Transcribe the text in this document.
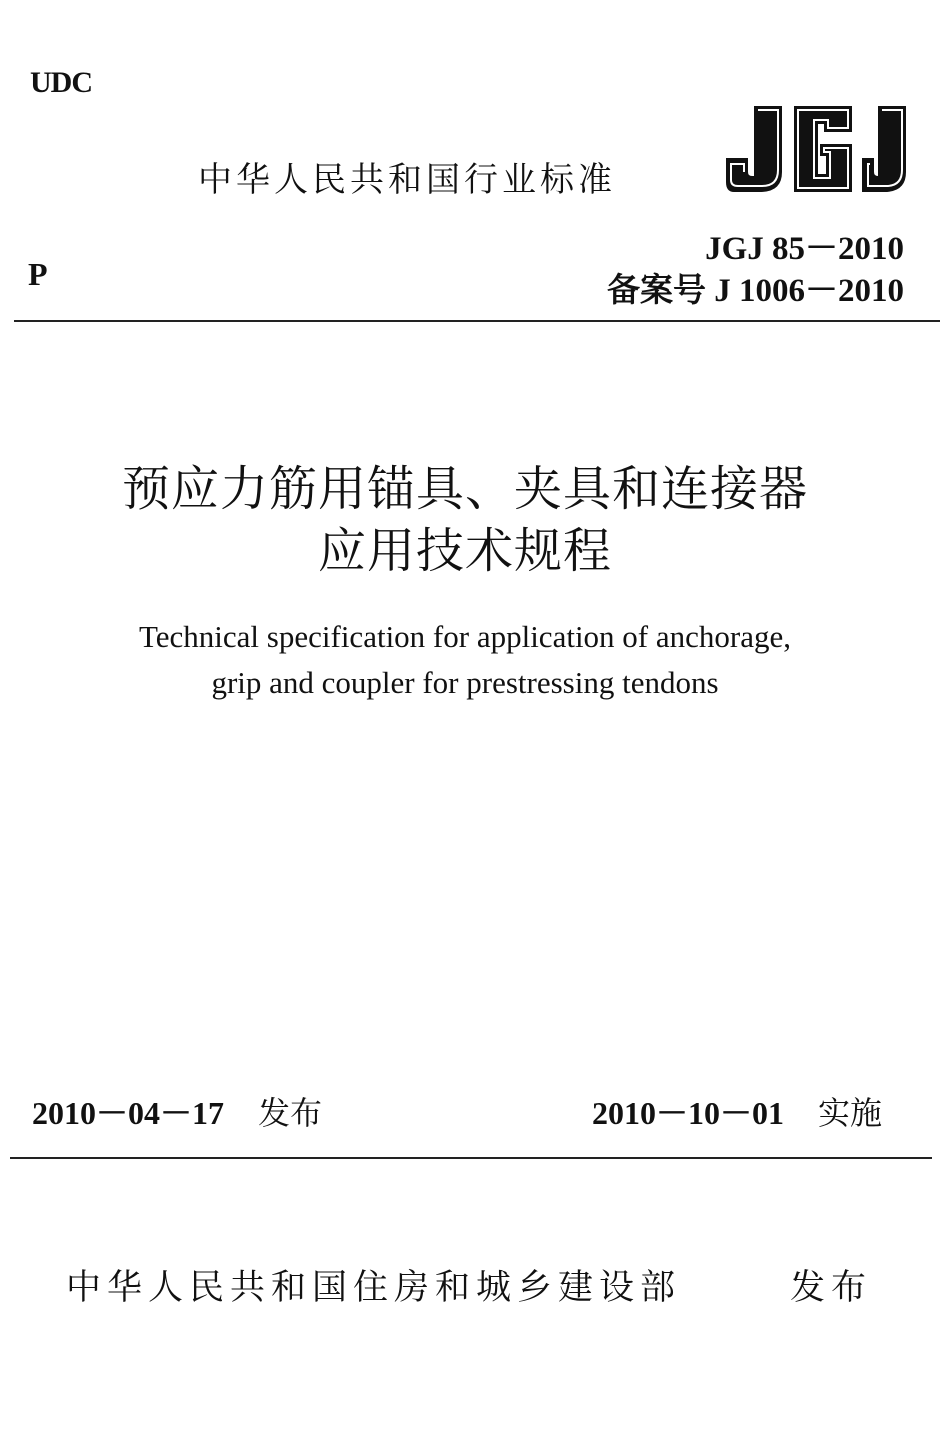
UDC
中华人民共和国行业标准
JGJ 85－2010
P	备案号 J 1006－2010
预应力筋用锚具、夹具和连接器
应用技术规程
Technical specification for application of anchorage,
grip and coupler for prestressing tendons
2010－04－17 发布	2010－10－01 实施
中华人民共和国住房和城乡建设部	发布
